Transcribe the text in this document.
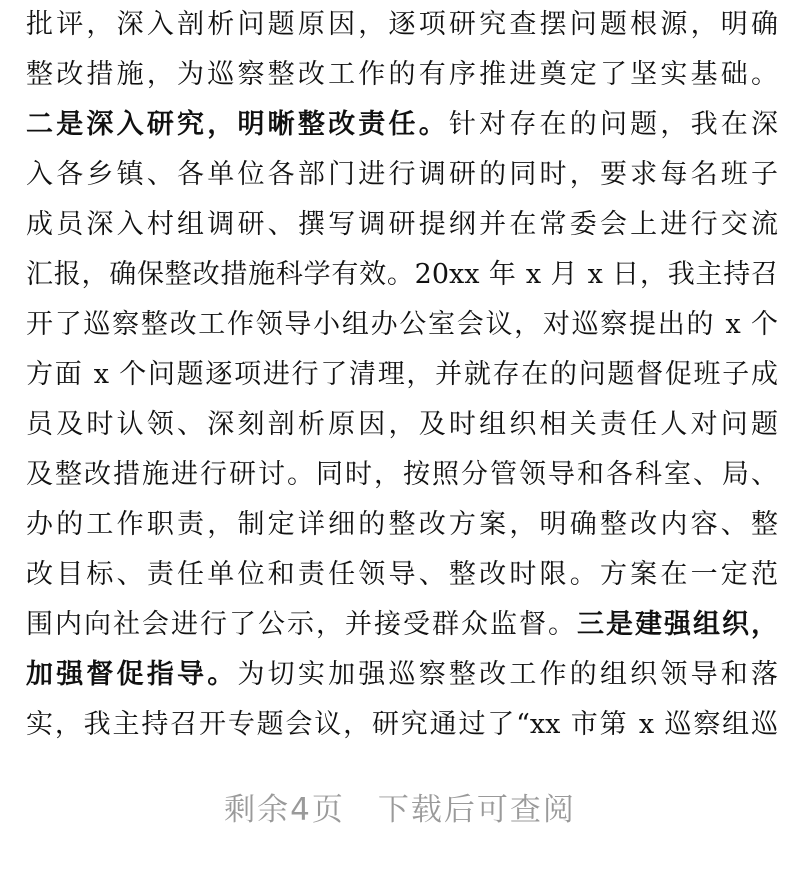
批评，深入剖析问题原因，逐项研究查摆问题根源，明确
整改措施，为巡察整改工作的有序推进奠定了坚实基础。
二是深入研究，明晰整改责任。针对存在的问题，我在深
入各乡镇、各单位各部门进行调研的同时，要求每名班子
成员深入村组调研、撰写调研提纲并在常委会上进行交流
汇报，确保整改措施科学有效。20xx 年 x 月 x 日，我主持召
开了巡察整改工作领导小组办公室会议，对巡察提出的 x 个
方面 x 个问题逐项进行了清理，并就存在的问题督促班子成
员及时认领、深刻剖析原因，及时组织相关责任人对问题
及整改措施进行研讨。同时，按照分管领导和各科室、局、
办的工作职责，制定详细的整改方案，明确整改内容、整
改目标、责任单位和责任领导、整改时限。方案在一定范
围内向社会进行了公示，并接受群众监督。三是建强组织，
加强督促指导。为切实加强巡察整改工作的组织领导和落
实，我主持召开专题会议，研究通过了“xx 市第 x 巡察组巡
剩余4页　下载后可查阅
